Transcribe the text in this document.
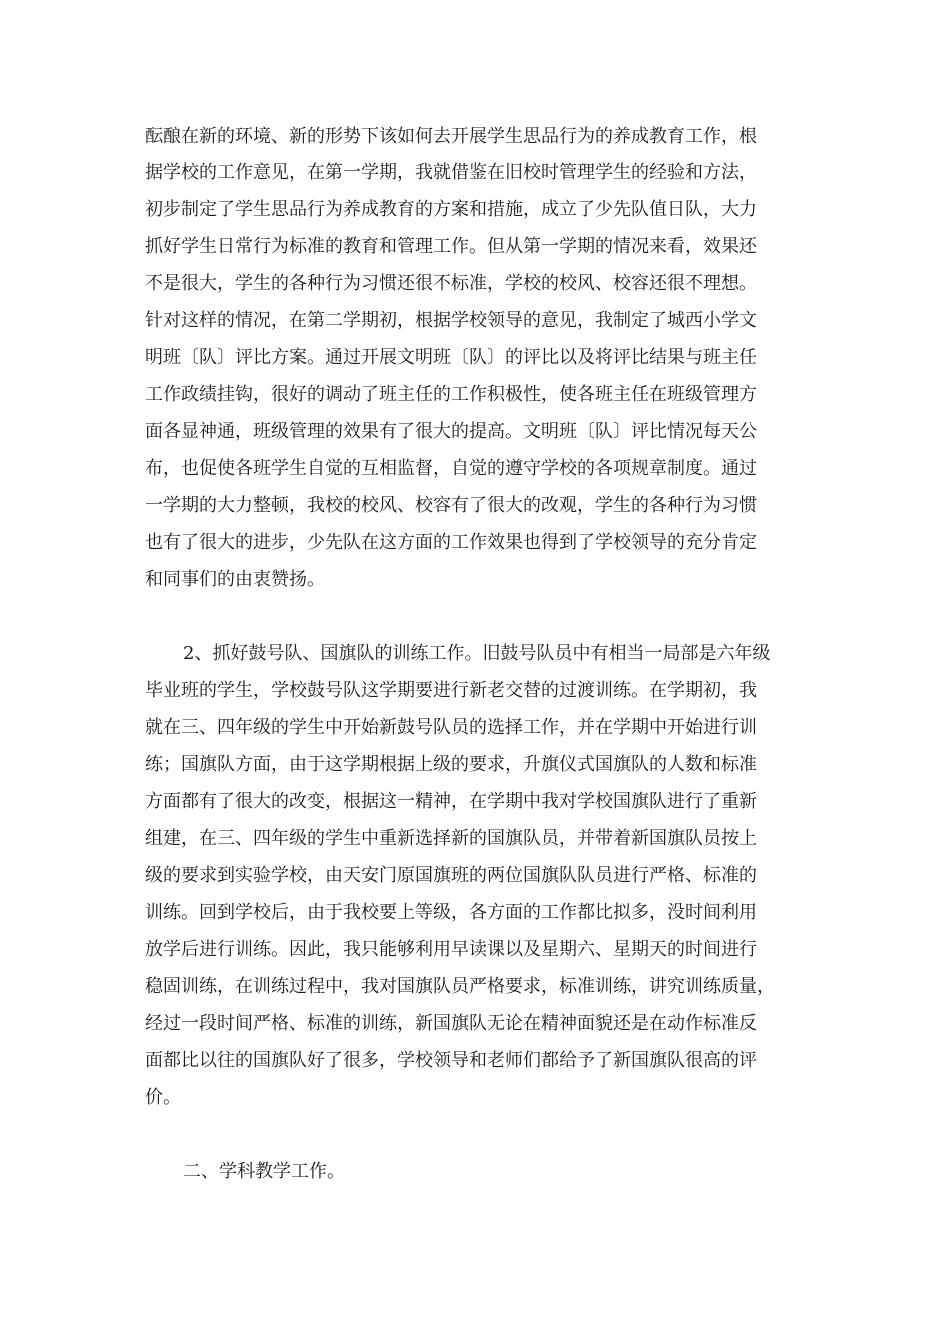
酝酿在新的环境、新的形势下该如何去开展学生思品行为的养成教育工作，根
据学校的工作意见，在第一学期，我就借鉴在旧校时管理学生的经验和方法，
初步制定了学生思品行为养成教育的方案和措施，成立了少先队值日队，大力
抓好学生日常行为标准的教育和管理工作。但从第一学期的情况来看，效果还
不是很大，学生的各种行为习惯还很不标准，学校的校风、校容还很不理想。
针对这样的情况，在第二学期初，根据学校领导的意见，我制定了城西小学文
明班〔队〕评比方案。通过开展文明班〔队〕的评比以及将评比结果与班主任
工作政绩挂钩，很好的调动了班主任的工作积极性，使各班主任在班级管理方
面各显神通，班级管理的效果有了很大的提高。文明班〔队〕评比情况每天公
布，也促使各班学生自觉的互相监督，自觉的遵守学校的各项规章制度。通过
一学期的大力整顿，我校的校风、校容有了很大的改观，学生的各种行为习惯
也有了很大的进步，少先队在这方面的工作效果也得到了学校领导的充分肯定
和同事们的由衷赞扬。
2、抓好鼓号队、国旗队的训练工作。旧鼓号队员中有相当一局部是六年级
毕业班的学生，学校鼓号队这学期要进行新老交替的过渡训练。在学期初，我
就在三、四年级的学生中开始新鼓号队员的选择工作，并在学期中开始进行训
练；国旗队方面，由于这学期根据上级的要求，升旗仪式国旗队的人数和标准
方面都有了很大的改变，根据这一精神，在学期中我对学校国旗队进行了重新
组建，在三、四年级的学生中重新选择新的国旗队员，并带着新国旗队员按上
级的要求到实验学校，由天安门原国旗班的两位国旗队队员进行严格、标准的
训练。回到学校后，由于我校要上等级，各方面的工作都比拟多，没时间利用
放学后进行训练。因此，我只能够利用早读课以及星期六、星期天的时间进行
稳固训练，在训练过程中，我对国旗队员严格要求，标准训练，讲究训练质量，
经过一段时间严格、标准的训练，新国旗队无论在精神面貌还是在动作标准反
面都比以往的国旗队好了很多，学校领导和老师们都给予了新国旗队很高的评
价。
二、学科教学工作。
